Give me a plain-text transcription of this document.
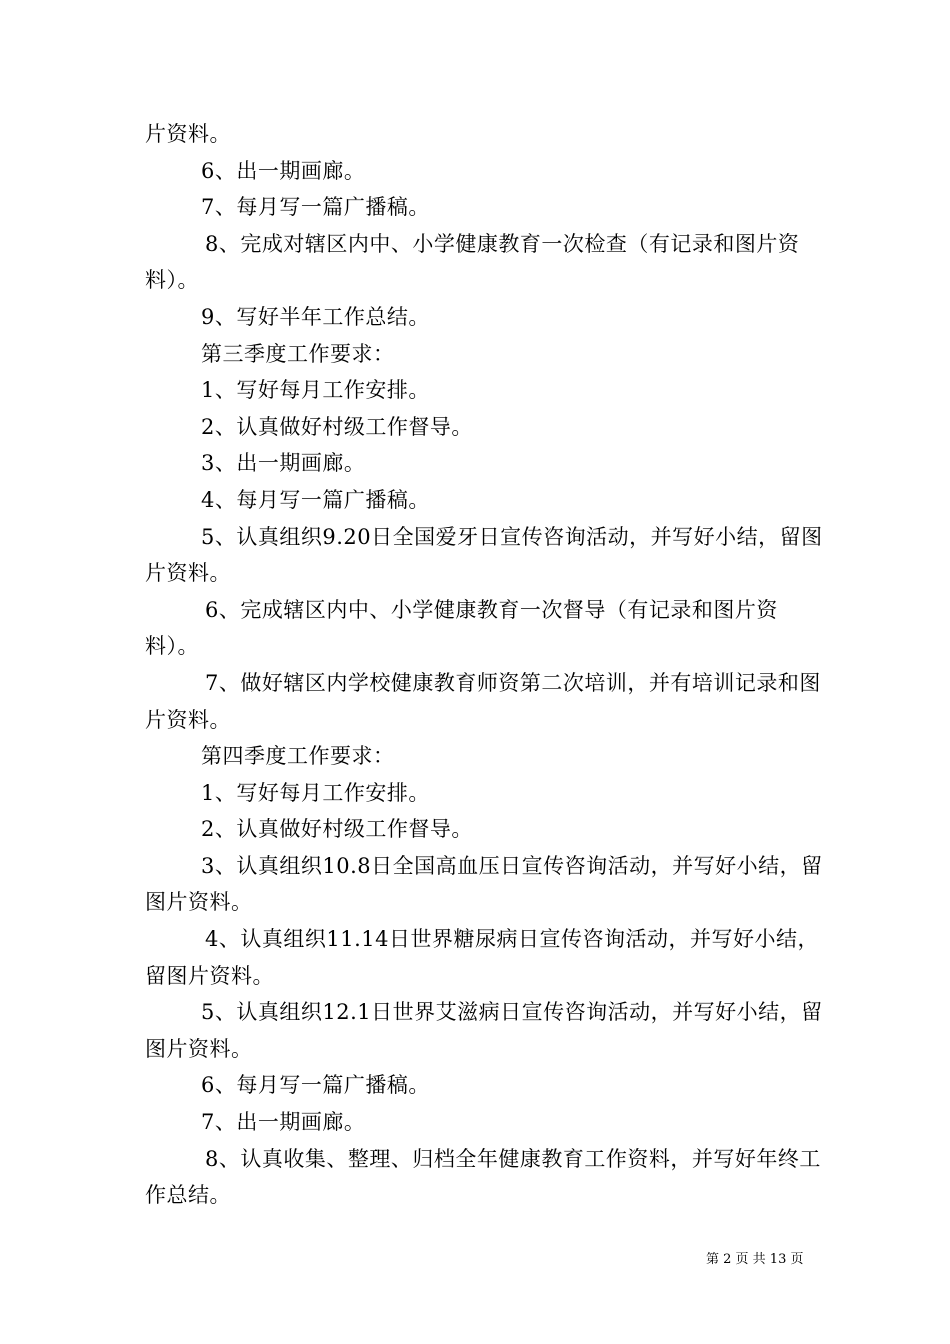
片资料。

6、出一期画廊。

7、每月写一篇广播稿。

8、完成对辖区内中、小学健康教育一次检查（有记录和图片资料）。

9、写好半年工作总结。

第三季度工作要求：

1、写好每月工作安排。

2、认真做好村级工作督导。

3、出一期画廊。

4、每月写一篇广播稿。

5、认真组织9.20日全国爱牙日宣传咨询活动，并写好小结，留图片资料。

6、完成辖区内中、小学健康教育一次督导（有记录和图片资料）。

7、做好辖区内学校健康教育师资第二次培训，并有培训记录和图片资料。

第四季度工作要求：

1、写好每月工作安排。

2、认真做好村级工作督导。

3、认真组织10.8日全国高血压日宣传咨询活动，并写好小结，留图片资料。

4、认真组织11.14日世界糖尿病日宣传咨询活动，并写好小结，留图片资料。

5、认真组织12.1日世界艾滋病日宣传咨询活动，并写好小结，留图片资料。

6、每月写一篇广播稿。

7、出一期画廊。

8、认真收集、整理、归档全年健康教育工作资料，并写好年终工作总结。

第 2 页 共 13 页
